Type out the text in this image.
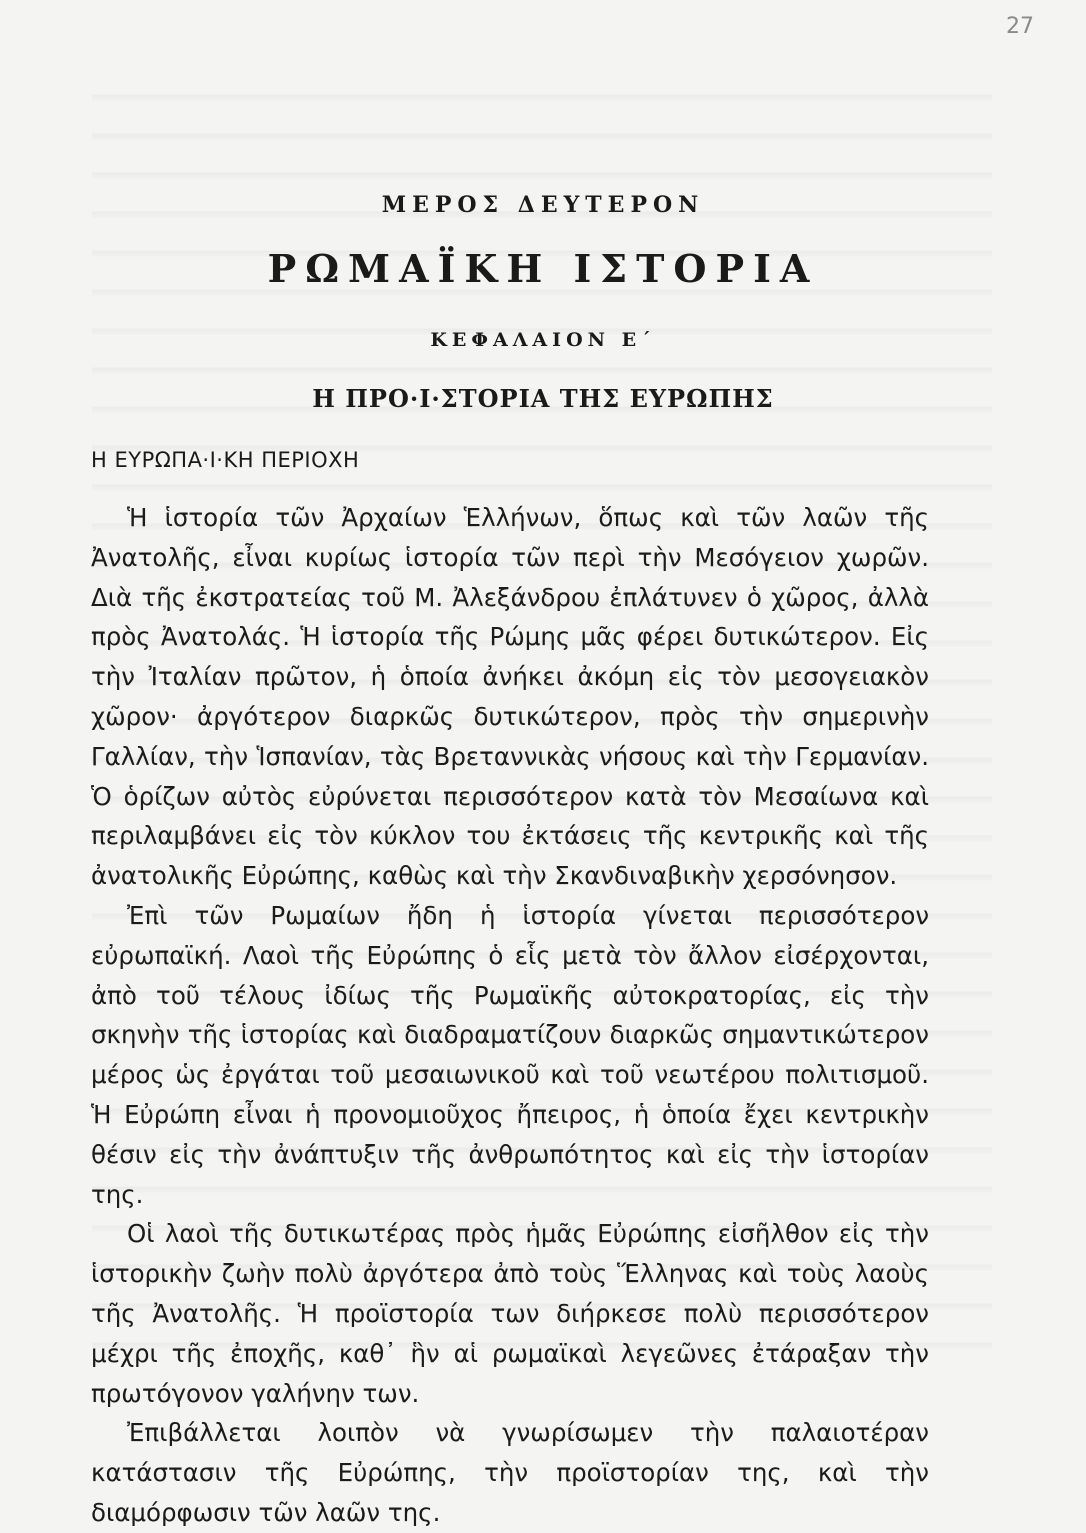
27
ΜΕΡΟΣ ΔΕΥΤΕΡΟΝ
ΡΩΜΑΪΚΗ ΙΣΤΟΡΙΑ
ΚΕΦΑΛΑΙΟΝ Ε΄
Η ΠΡΟ·Ι·ΣΤΟΡΙΑ ΤΗΣ ΕΥΡΩΠΗΣ
Η ΕΥΡΩΠΑ·Ι·ΚΗ ΠΕΡΙΟΧΗ

Ἡ ἱστορία τῶν Ἀρχαίων Ἑλλήνων, ὅπως καὶ τῶν λαῶν τῆς Ἀνατολῆς, εἶναι κυρίως ἱστορία τῶν περὶ τὴν Μεσόγειον χωρῶν. Διὰ τῆς ἐκστρατείας τοῦ Μ. Ἀλεξάνδρου ἐπλάτυνεν ὁ χῶρος, ἀλλὰ πρὸς Ἀνατολάς. Ἡ ἱστορία τῆς Ρώμης μᾶς φέρει δυτικώτερον. Εἰς τὴν Ἰταλίαν πρῶτον, ἡ ὁποία ἀνήκει ἀκόμη εἰς τὸν μεσογειακὸν χῶρον· ἀργότερον διαρκῶς δυτικώτερον, πρὸς τὴν σημερινὴν Γαλλίαν, τὴν Ἱσπανίαν, τὰς Βρεταννικὰς νήσους καὶ τὴν Γερμανίαν. Ὁ ὁρίζων αὐτὸς εὐρύνεται περισσότερον κατὰ τὸν Μεσαίωνα καὶ περιλαμβάνει εἰς τὸν κύκλον του ἐκτάσεις τῆς κεντρικῆς καὶ τῆς ἀνατολικῆς Εὐρώπης, καθὼς καὶ τὴν Σκανδιναβικὴν χερσόνησον.

Ἐπὶ τῶν Ρωμαίων ἤδη ἡ ἱστορία γίνεται περισσότερον εὐρωπαϊκή. Λαοὶ τῆς Εὐρώπης ὁ εἷς μετὰ τὸν ἄλλον εἰσέρχονται, ἀπὸ τοῦ τέλους ἰδίως τῆς Ρωμαϊκῆς αὐτοκρατορίας, εἰς τὴν σκηνὴν τῆς ἱστορίας καὶ διαδραματίζουν διαρκῶς σημαντικώτερον μέρος ὡς ἐργάται τοῦ μεσαιωνικοῦ καὶ τοῦ νεωτέρου πολιτισμοῦ. Ἡ Εὐρώπη εἶναι ἡ προνομιοῦχος ἤπειρος, ἡ ὁποία ἔχει κεντρικὴν θέσιν εἰς τὴν ἀνάπτυξιν τῆς ἀνθρωπότητος καὶ εἰς τὴν ἱστορίαν της.

Οἱ λαοὶ τῆς δυτικωτέρας πρὸς ἡμᾶς Εὐρώπης εἰσῆλθον εἰς τὴν ἱστορικὴν ζωὴν πολὺ ἀργότερα ἀπὸ τοὺς Ἕλληνας καὶ τοὺς λαοὺς τῆς Ἀνατολῆς. Ἡ προϊστορία των διήρκεσε πολὺ περισσότερον μέχρι τῆς ἐποχῆς, καθ᾿ ἣν αἱ ρωμαϊκαὶ λεγεῶνες ἐτάραξαν τὴν πρωτόγονον γαλήνην των.

Ἐπιβάλλεται λοιπὸν νὰ γνωρίσωμεν τὴν παλαιοτέραν κατάστασιν τῆς Εὐρώπης, τὴν προϊστορίαν της, καὶ τὴν διαμόρφωσιν τῶν λαῶν της.
